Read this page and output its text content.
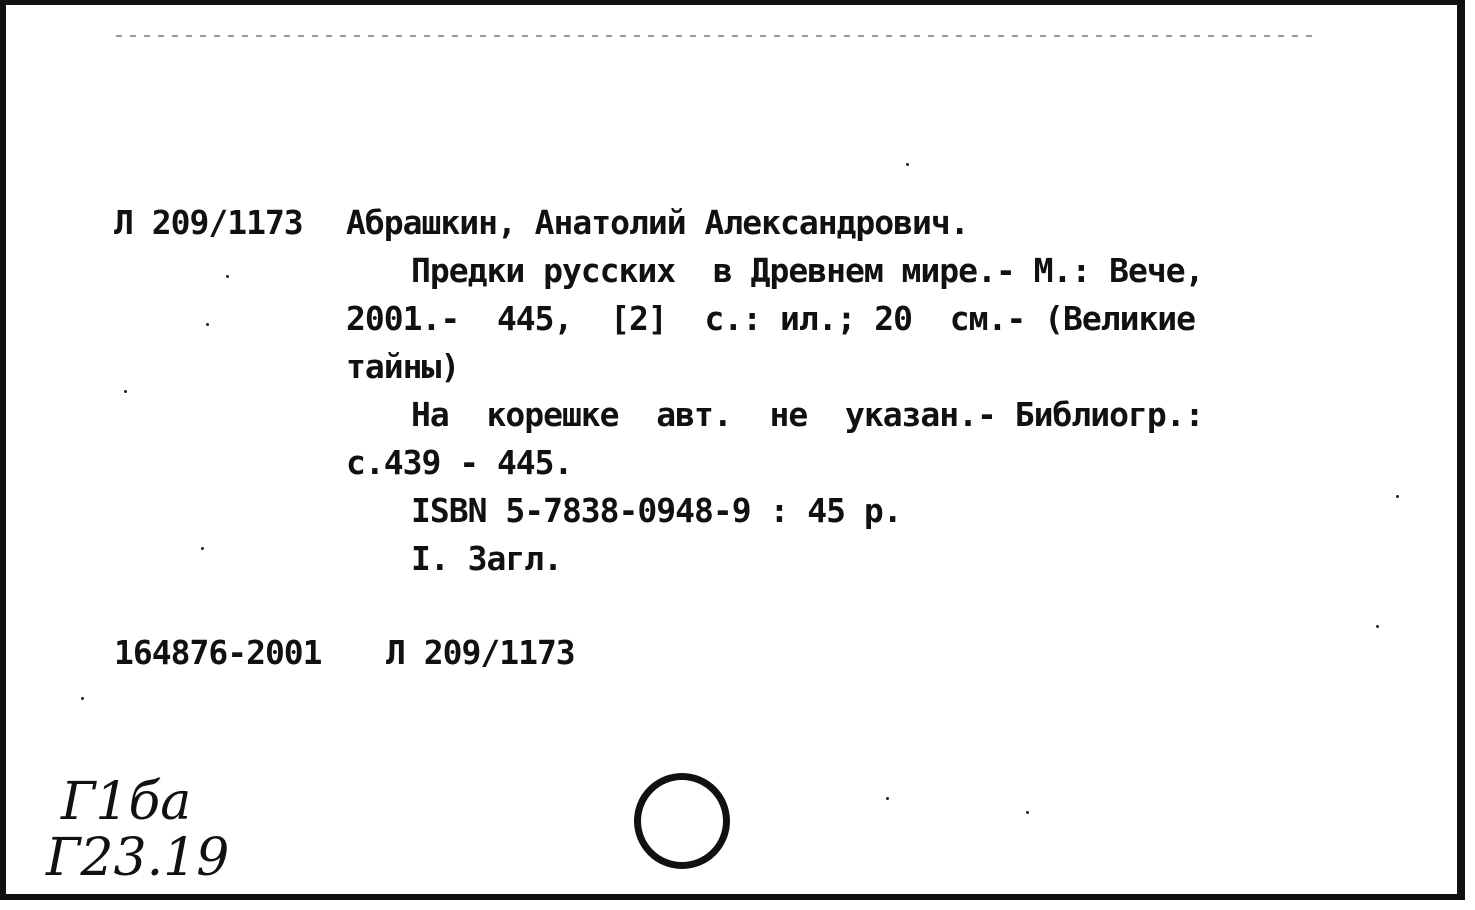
Л 209/1173 Абрашкин, Анатолий Александрович.
Предки русских  в Древнем мире.- М.: Вече,
2001.-  445,  [2]  с.: ил.; 20  см.- (Великие
тайны)
На  корешке  авт.  не  указан.- Библиогр.:
с.439 - 445.
ISBN 5-7838-0948-9 : 45 р.
I. Загл.
164876-2001 Л 209/1173
Г1ба
Г23.19
